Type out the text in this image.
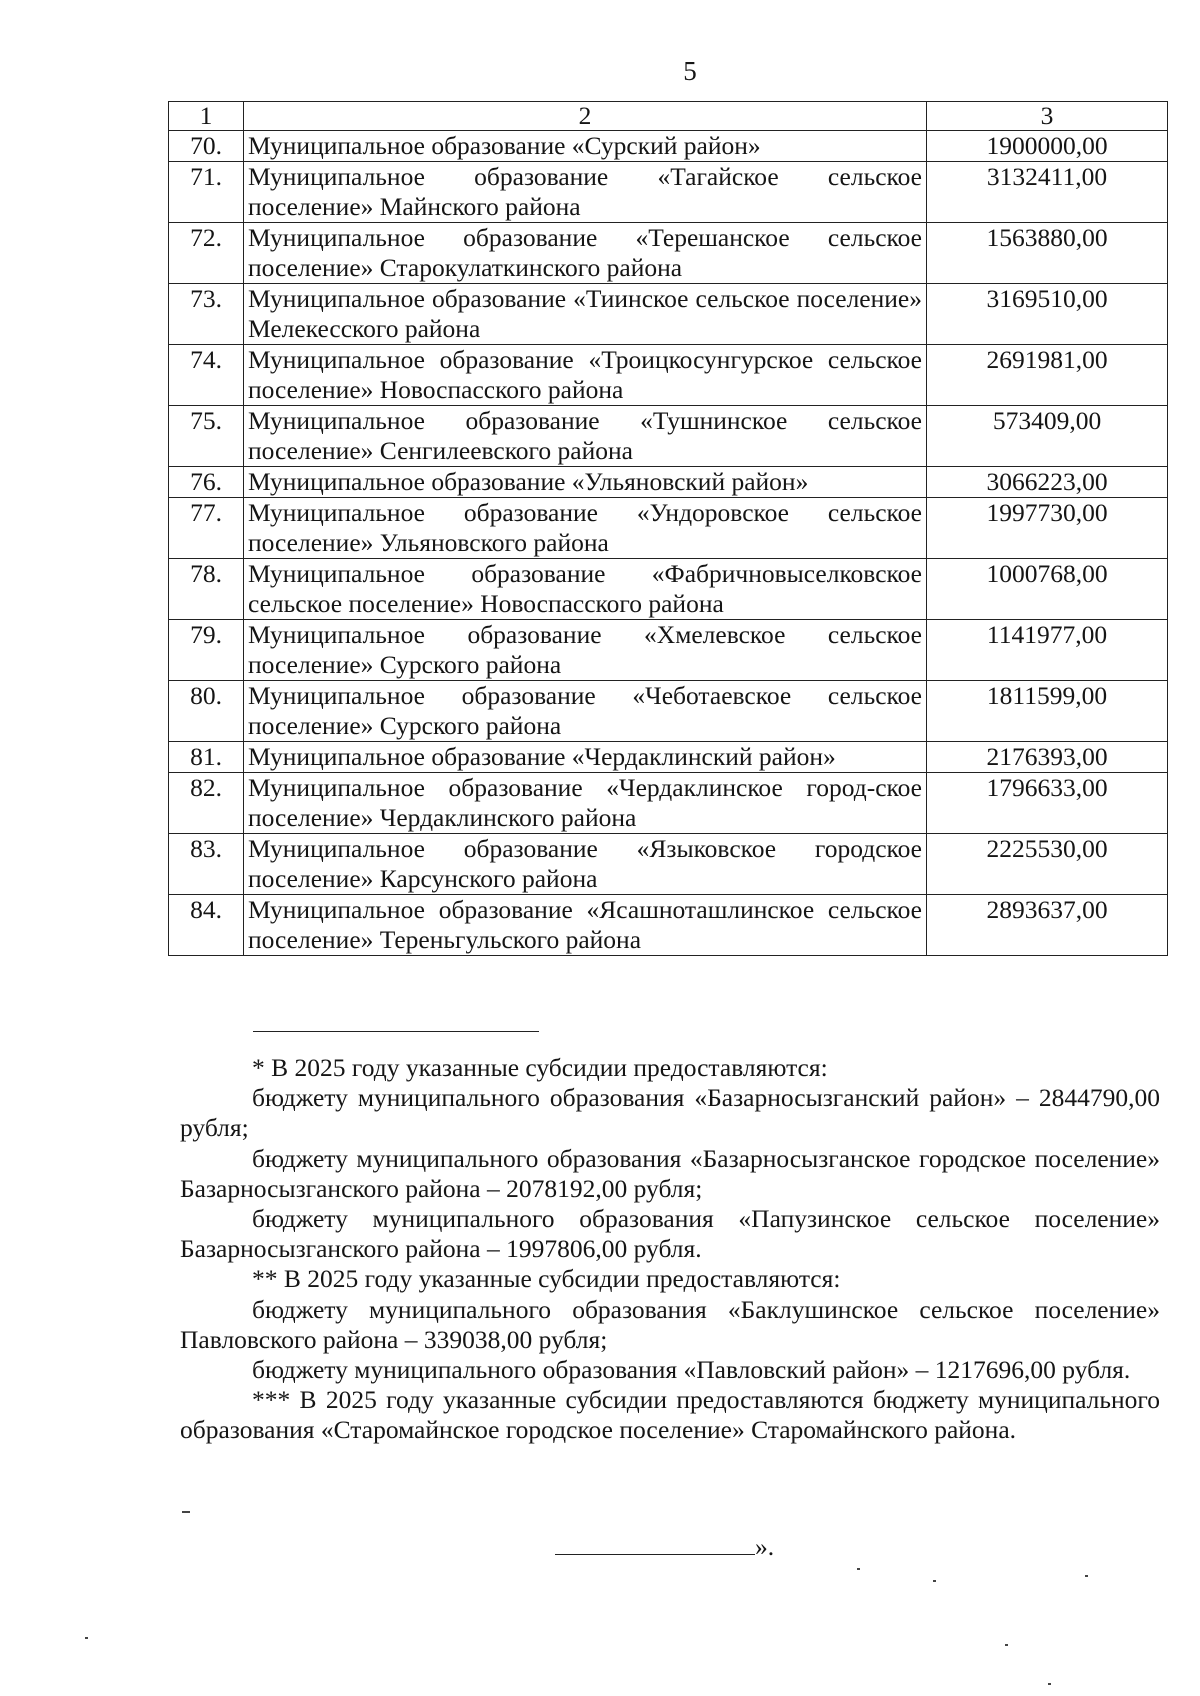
5
1	2	3
70.	Муниципальное образование «Сурский район»	1900000,00
71.	Муниципальное образование «Тагайское сельское поселение» Майнского района	3132411,00
72.	Муниципальное образование «Терешанское сельское поселение» Старокулаткинского района	1563880,00
73.	Муниципальное образование «Тиинское сельское поселение» Мелекесского района	3169510,00
74.	Муниципальное образование «Троицкосунгурское сельское поселение» Новоспасского района	2691981,00
75.	Муниципальное образование «Тушнинское сельское поселение» Сенгилеевского района	573409,00
76.	Муниципальное образование «Ульяновский район»	3066223,00
77.	Муниципальное образование «Ундоровское сельское поселение» Ульяновского района	1997730,00
78.	Муниципальное образование «Фабричновыселковское сельское поселение» Новоспасского района	1000768,00
79.	Муниципальное образование «Хмелевское сельское поселение» Сурского района	1141977,00
80.	Муниципальное образование «Чеботаевское сельское поселение» Сурского района	1811599,00
81.	Муниципальное образование «Чердаклинский район»	2176393,00
82.	Муниципальное образование «Чердаклинское город-ское поселение» Чердаклинского района	1796633,00
83.	Муниципальное образование «Языковское городское поселение» Карсунского района	2225530,00
84.	Муниципальное образование «Ясашноташлинское сельское поселение» Тереньгульского района	2893637,00

* В 2025 году указанные субсидии предоставляются:

бюджету муниципального образования «Базарносызганский район» – 2844790,00 рубля;

бюджету муниципального образования «Базарносызганское городское поселение» Базарносызганского района – 2078192,00 рубля;

бюджету муниципального образования «Папузинское сельское поселение» Базарносызганского района – 1997806,00 рубля.

** В 2025 году указанные субсидии предоставляются:

бюджету муниципального образования «Баклушинское сельское поселение» Павловского района – 339038,00 рубля;

бюджету муниципального образования «Павловский район» – 1217696,00 рубля.

*** В 2025 году указанные субсидии предоставляются бюджету муниципального образования «Старомайнское городское поселение» Старомайнского района.

».
